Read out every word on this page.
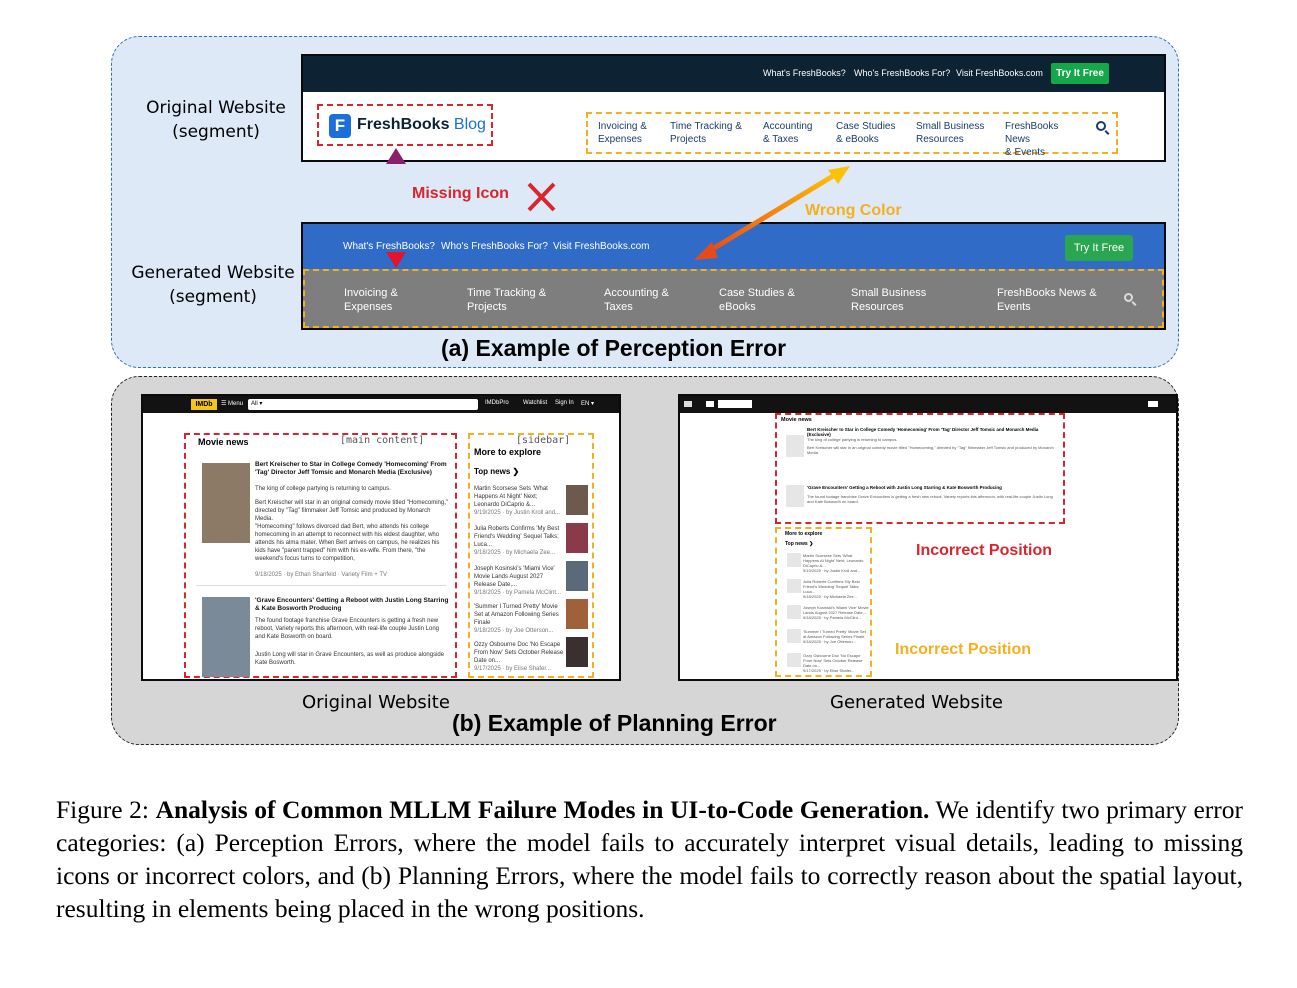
Original Website
(segment)
Generated Website
(segment)
What's FreshBooks? Who's FreshBooks For? Visit FreshBooks.com	Try It Free
F FreshBooks Blog	Invoicing &
Expenses
Time Tracking &
Projects
Accounting
& Taxes
Case Studies
& eBooks
Small Business
Resources
FreshBooks News
& Events
What's FreshBooks? Who's FreshBooks For? Visit FreshBooks.com	Try It Free
Invoicing &
Expenses
Time Tracking &
Projects
Accounting &
Taxes
Case Studies &
eBooks
Small Business
Resources
FreshBooks News &
Events
Missing Icon
Wrong Color
(a) Example of Perception Error
IMDb	☰ Menu	All ▾	IMDbPro Watchlist Sign In EN ▾
Movie news	[main content]
Bert Kreischer to Star in College Comedy 'Homecoming' From 'Tag' Director Jeff Tomsic and Monarch Media (Exclusive)
The king of college partying is returning to campus.
Bert Kreischer will star in an original comedy movie titled "Homecoming," directed by "Tag" filmmaker Jeff Tomsic and produced by Monarch Media.
"Homecoming" follows divorced dad Bert, who attends his college homecoming in an attempt to reconnect with his eldest daughter, who attends his alma mater. When Bert arrives on campus, he realizes his kids have "parent trapped" him with his ex-wife. From there, "the weekend's focus turns to competition,
9/18/2025 · by Ethan Shanfeld · Variety Film + TV
'Grave Encounters' Getting a Reboot with Justin Long Starring & Kate Bosworth Producing
The found footage franchise Grave Encounters is getting a fresh new reboot, Variety reports this afternoon, with real-life couple Justin Long and Kate Bosworth on board.
Justin Long will star in Grave Encounters, as well as produce alongside Kate Bosworth.
[sidebar]
More to explore
Top news ❯
Martin Scorsese Sets 'What Happens At Night' Next; Leonardo DiCaprio &...
9/19/2025 · by Justin Kroll and...
Julia Roberts Confirms 'My Best Friend's Wedding' Sequel Talks; Luca...
9/18/2025 · by Michaela Zee...
Joseph Kosinski's 'Miami Vice' Movie Lands August 2027 Release Date,...
9/18/2025 · by Pamela McClint...
'Summer I Turned Pretty' Movie Set at Amazon Following Series Finale
9/18/2025 · by Joe Otterson...
Ozzy Osbourne Doc 'No Escape From Now' Sets October Release Date on...
9/17/2025 · by Elise Shafer...
Movie news
Bert Kreischer to Star in College Comedy 'Homecoming' From 'Tag' Director Jeff Tomsic and Monarch Media (Exclusive)
The king of college partying is returning to campus.
Bert Kreischer will star in an original comedy movie titled "Homecoming," directed by "Tag" filmmaker Jeff Tomsic and produced by Monarch Media.
'Grave Encounters' Getting a Reboot with Justin Long Starring & Kate Bosworth Producing
The found footage franchise Grave Encounters is getting a fresh new reboot, Variety reports this afternoon, with real-life couple Justin Long and Kate Bosworth on board.
More to explore
Top news ❯
Martin Scorsese Sets 'What Happens At Night' Next; Leonardo DiCaprio &...
9/19/2025 · by Justin Kroll and...
Julia Roberts Confirms 'My Best Friend's Wedding' Sequel Talks; Luca...
9/18/2025 · by Michaela Zee...
Joseph Kosinski's 'Miami Vice' Movie Lands August 2027 Release Date,...
9/18/2025 · by Pamela McClint...
'Summer I Turned Pretty' Movie Set at Amazon Following Series Finale
9/18/2025 · by Joe Otterson...
Ozzy Osbourne Doc 'No Escape From Now' Sets October Release Date on...
9/17/2025 · by Elise Shafer...
Incorrect Position
Incorrect Position
Original Website	Generated Website
(b) Example of Planning Error
Figure 2: Analysis of Common MLLM Failure Modes in UI-to-Code Generation. We identify two primary error categories: (a) Perception Errors, where the model fails to accurately interpret visual details, leading to missing icons or incorrect colors, and (b) Planning Errors, where the model fails to correctly reason about the spatial layout, resulting in elements being placed in the wrong positions.
